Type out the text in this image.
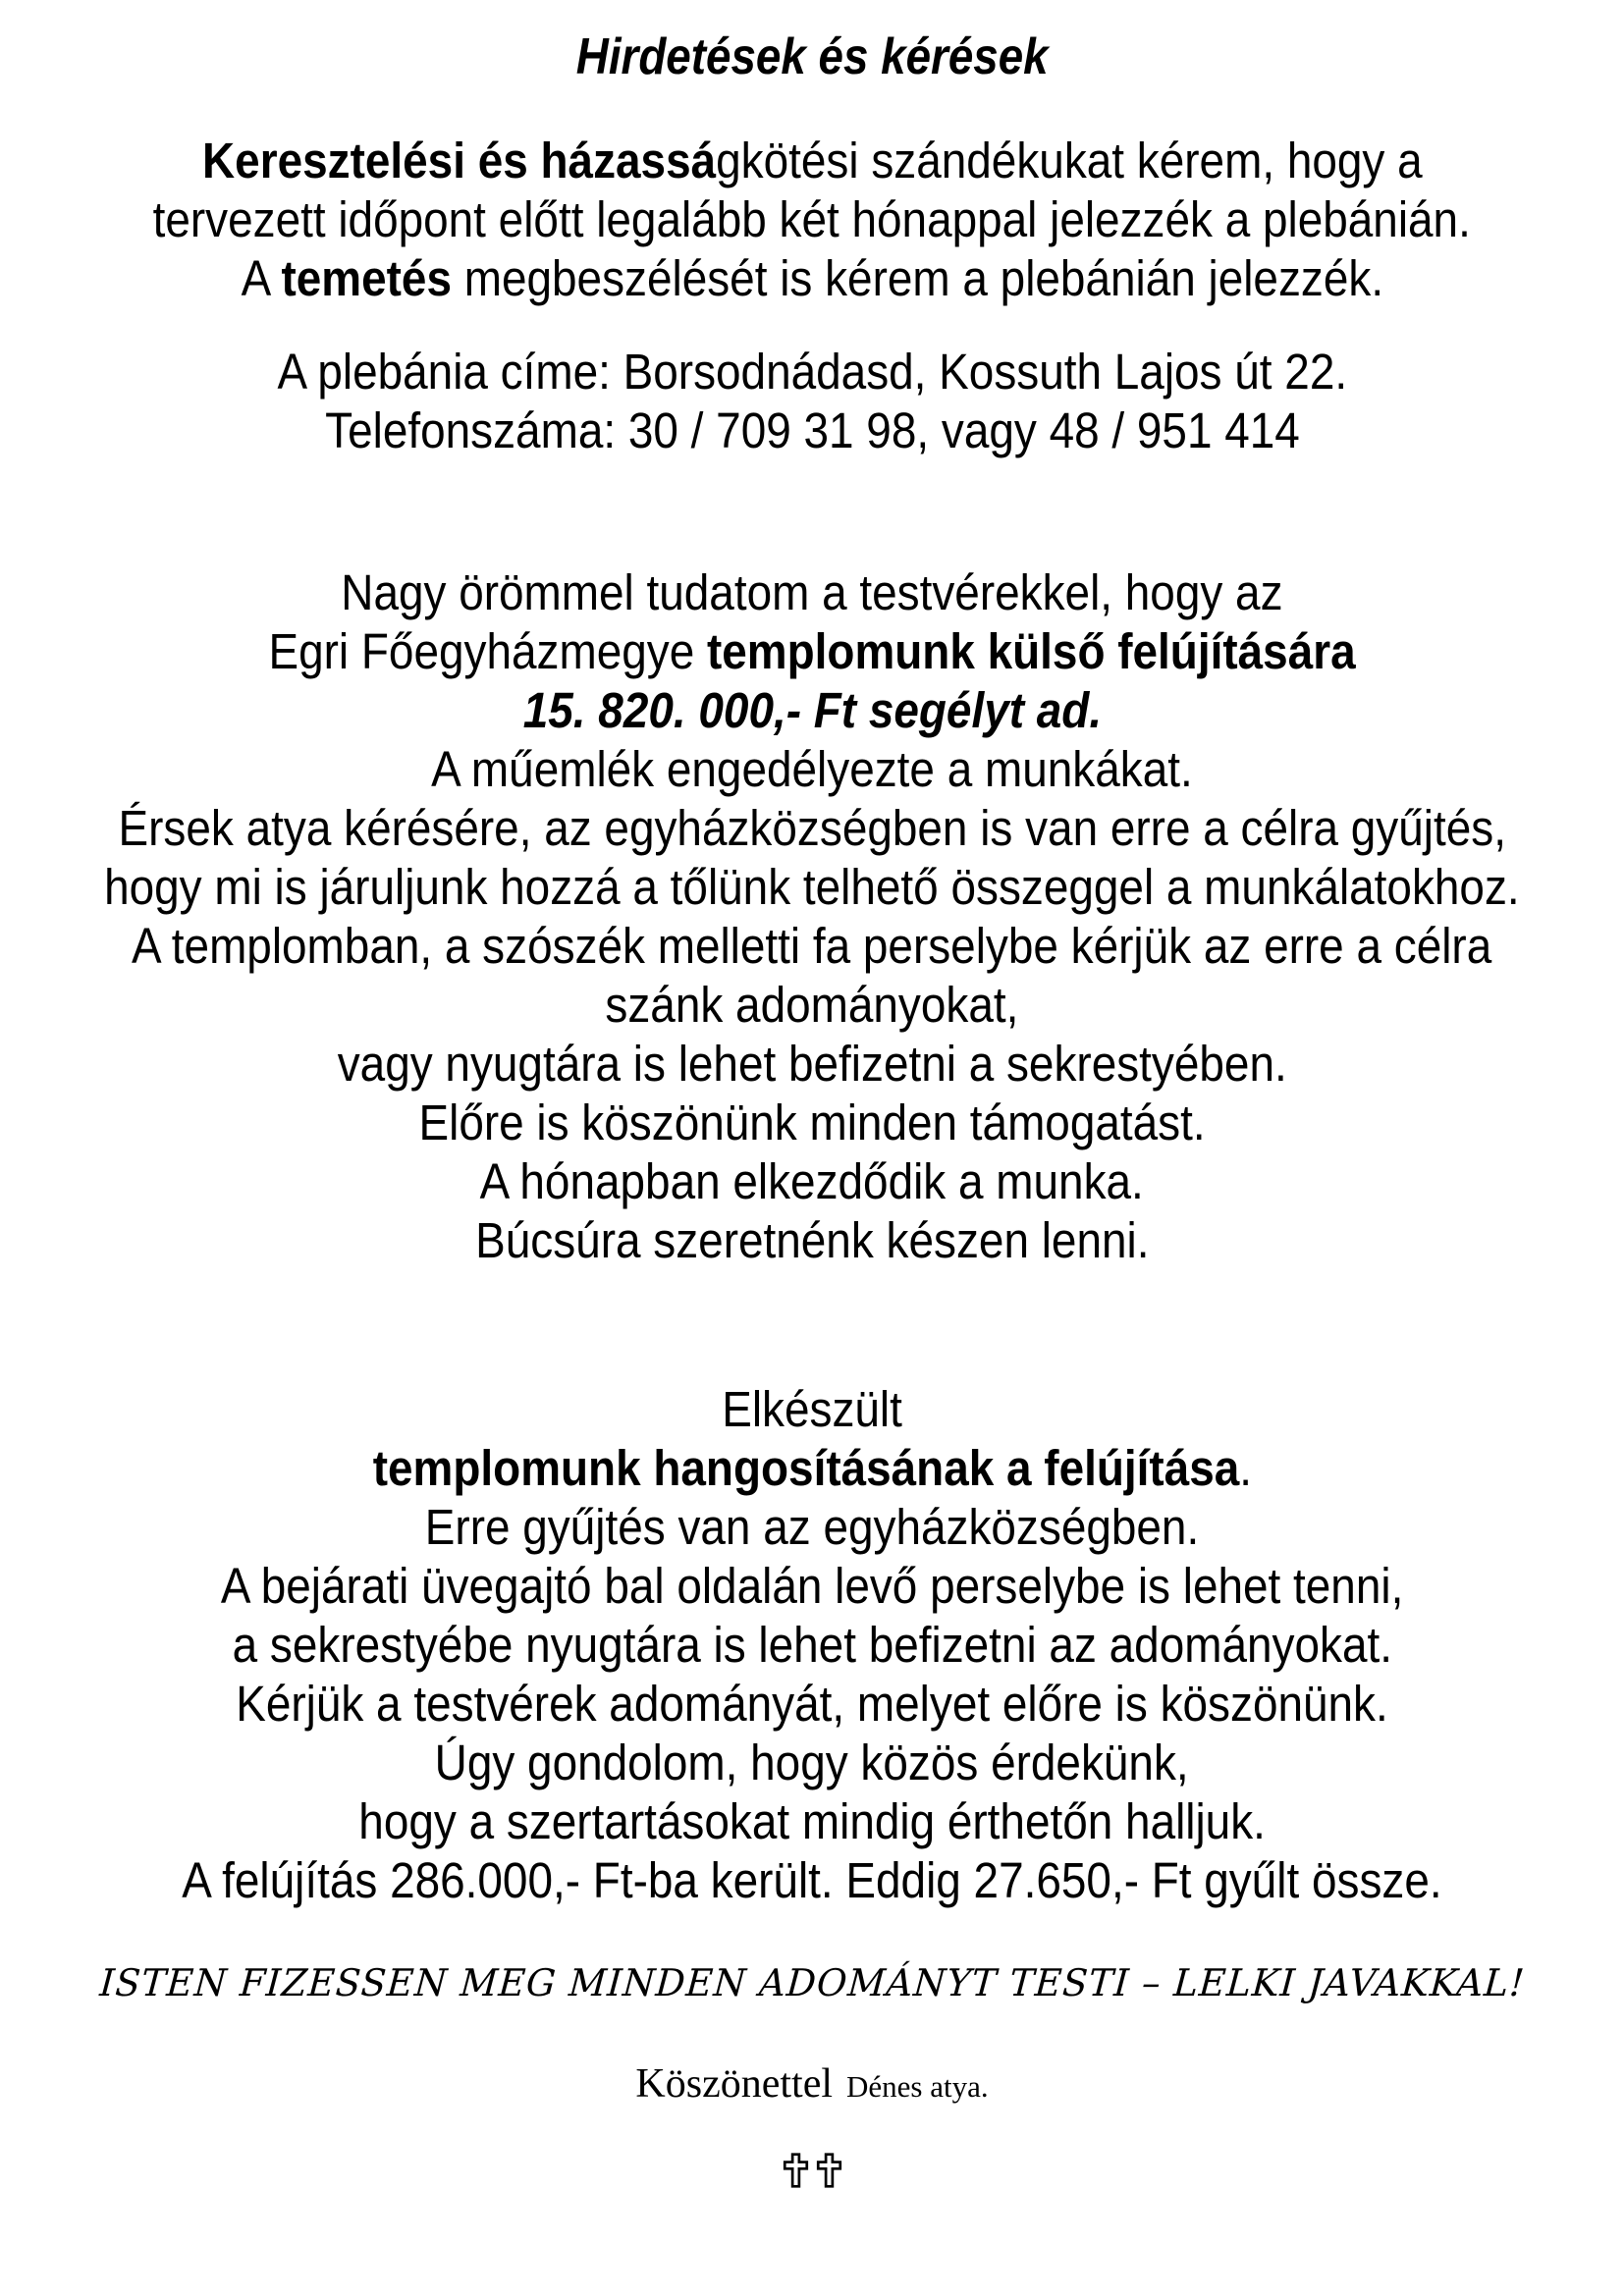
Hirdetések és kérések
Keresztelési és házasságkötési szándékukat kérem, hogy a
tervezett időpont előtt legalább két hónappal jelezzék a plebánián.
A temetés megbeszélését is kérem a plebánián jelezzék.
A plebánia címe: Borsodnádasd, Kossuth Lajos út 22.
Telefonszáma: 30 / 709 31 98, vagy 48 / 951 414
Nagy örömmel tudatom a testvérekkel, hogy az
Egri Főegyházmegye templomunk külső felújítására
15. 820. 000,- Ft segélyt ad.
A műemlék engedélyezte a munkákat.
Érsek atya kérésére, az egyházközségben is van erre a célra gyűjtés,
hogy mi is járuljunk hozzá a tőlünk telhető összeggel a munkálatokhoz.
A templomban, a szószék melletti fa perselybe kérjük az erre a célra
szánk adományokat,
vagy nyugtára is lehet befizetni a sekrestyében.
Előre is köszönünk minden támogatást.
A hónapban elkezdődik a munka.
Búcsúra szeretnénk készen lenni.
Elkészült
templomunk hangosításának a felújítása.
Erre gyűjtés van az egyházközségben.
A bejárati üvegajtó bal oldalán levő perselybe is lehet tenni,
a sekrestyébe nyugtára is lehet befizetni az adományokat.
Kérjük a testvérek adományát, melyet előre is köszönünk.
Úgy gondolom, hogy közös érdekünk,
hogy a szertartásokat mindig érthetőn halljuk.
A felújítás 286.000,- Ft-ba került. Eddig 27.650,- Ft gyűlt össze.
ISTEN FIZESSEN MEG MINDEN ADOMÁNYT TESTI – LELKI JAVAKKAL!
Köszönettel Dénes atya.
